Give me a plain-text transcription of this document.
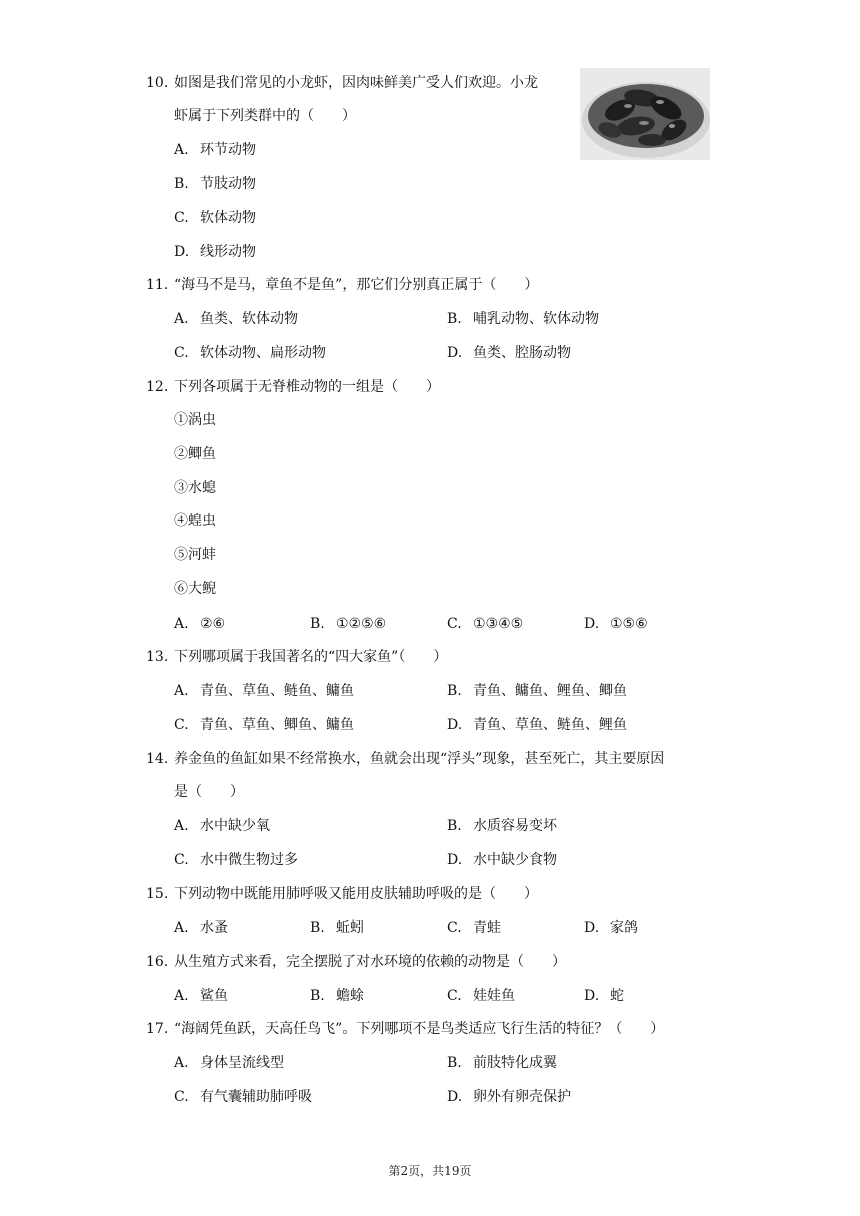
10. 如图是我们常见的小龙虾，因肉味鲜美广受人们欢迎。小龙
虾属于下列类群中的（　　）
A. 环节动物
B. 节肢动物
C. 软体动物
D. 线形动物
11. “海马不是马，章鱼不是鱼”，那它们分别真正属于（　　）
A. 鱼类、软体动物	B. 哺乳动物、软体动物
C. 软体动物、扁形动物	D. 鱼类、腔肠动物
12. 下列各项属于无脊椎动物的一组是（　　）
①涡虫
②鲫鱼
③水螅
④蝗虫
⑤河蚌
⑥大鲵
A. ②⑥	B. ①②⑤⑥	C. ①③④⑤	D. ①⑤⑥
13. 下列哪项属于我国著名的“四大家鱼”（　　）
A. 青鱼、草鱼、鲢鱼、鳙鱼	B. 青鱼、鳙鱼、鲤鱼、鲫鱼
C. 青鱼、草鱼、鲫鱼、鳙鱼	D. 青鱼、草鱼、鲢鱼、鲤鱼
14. 养金鱼的鱼缸如果不经常换水，鱼就会出现“浮头”现象，甚至死亡，其主要原因
是（　　）
A. 水中缺少氧	B. 水质容易变坏
C. 水中微生物过多	D. 水中缺少食物
15. 下列动物中既能用肺呼吸又能用皮肤辅助呼吸的是（　　）
A. 水蚤	B. 蚯蚓	C. 青蛙	D. 家鸽
16. 从生殖方式来看，完全摆脱了对水环境的依赖的动物是（　　）
A. 鲨鱼	B. 蟾蜍	C. 娃娃鱼	D. 蛇
17. “海阔凭鱼跃，天高任鸟飞”。下列哪项不是鸟类适应飞行生活的特征？（　　）
A. 身体呈流线型	B. 前肢特化成翼
C. 有气囊辅助肺呼吸	D. 卵外有卵壳保护
第2页，共19页
